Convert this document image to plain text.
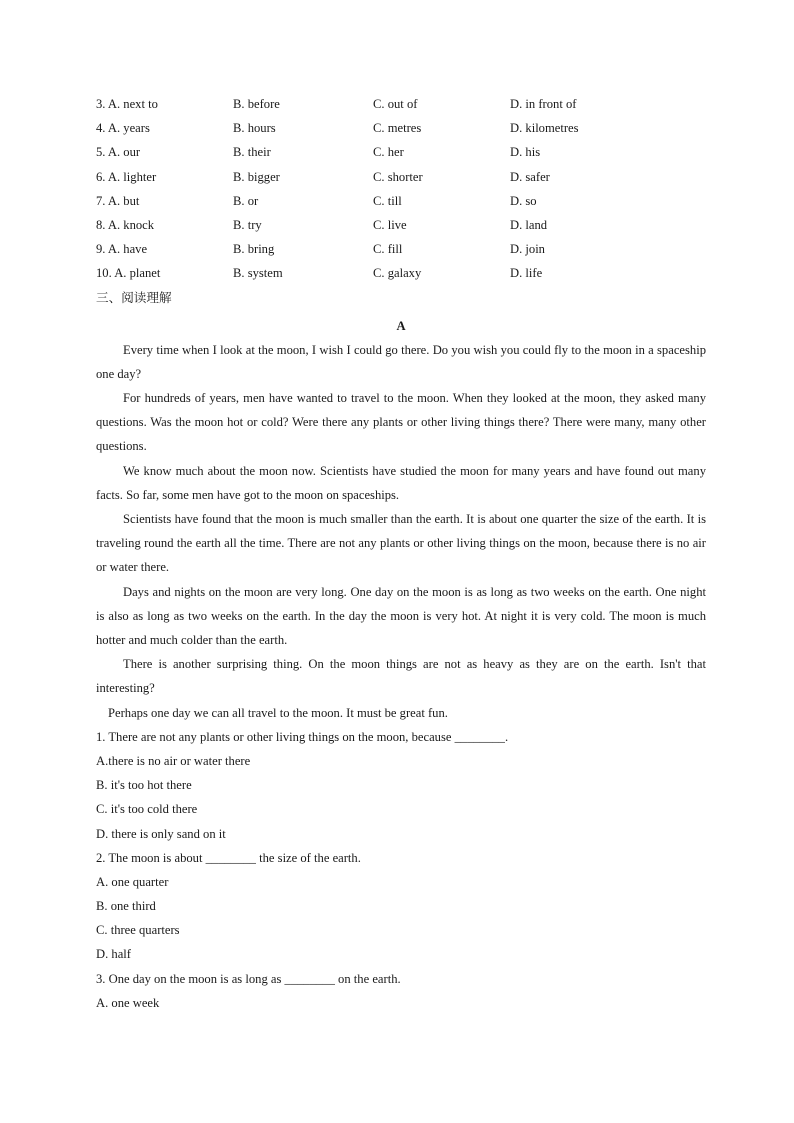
3. A. next to	B. before	C. out of	D. in front of
4. A. years	B. hours	C. metres	D. kilometres
5. A. our	B. their	C. her	D. his
6. A. lighter	B. bigger	C. shorter	D. safer
7. A. but	B. or	C. till	D. so
8. A. knock	B. try	C. live	D. land
9. A. have	B. bring	C. fill	D. join
10. A. planet	B. system	C. galaxy	D. life
三、阅读理解
A

Every time when I look at the moon, I wish I could go there. Do you wish you could fly to the moon in a spaceship one day?

For hundreds of years, men have wanted to travel to the moon. When they looked at the moon, they asked many questions. Was the moon hot or cold? Were there any plants or other living things there? There were many, many other questions.

We know much about the moon now. Scientists have studied the moon for many years and have found out many facts. So far, some men have got to the moon on spaceships.

Scientists have found that the moon is much smaller than the earth. It is about one quarter the size of the earth. It is traveling round the earth all the time. There are not any plants or other living things on the moon, because there is no air or water there.

Days and nights on the moon are very long. One day on the moon is as long as two weeks on the earth. One night is also as long as two weeks on the earth. In the day the moon is very hot. At night it is very cold. The moon is much hotter and much colder than the earth.

There is another surprising thing. On the moon things are not as heavy as they are on the earth. Isn't that interesting?

Perhaps one day we can all travel to the moon. It must be great fun.

1. There are not any plants or other living things on the moon, because ________.
A.there is no air or water there
B. it's too hot there
C. it's too cold there
D. there is only sand on it
2. The moon is about ________ the size of the earth.
A. one quarter
B. one third
C. three quarters
D. half
3. One day on the moon is as long as ________ on the earth.
A. one week
